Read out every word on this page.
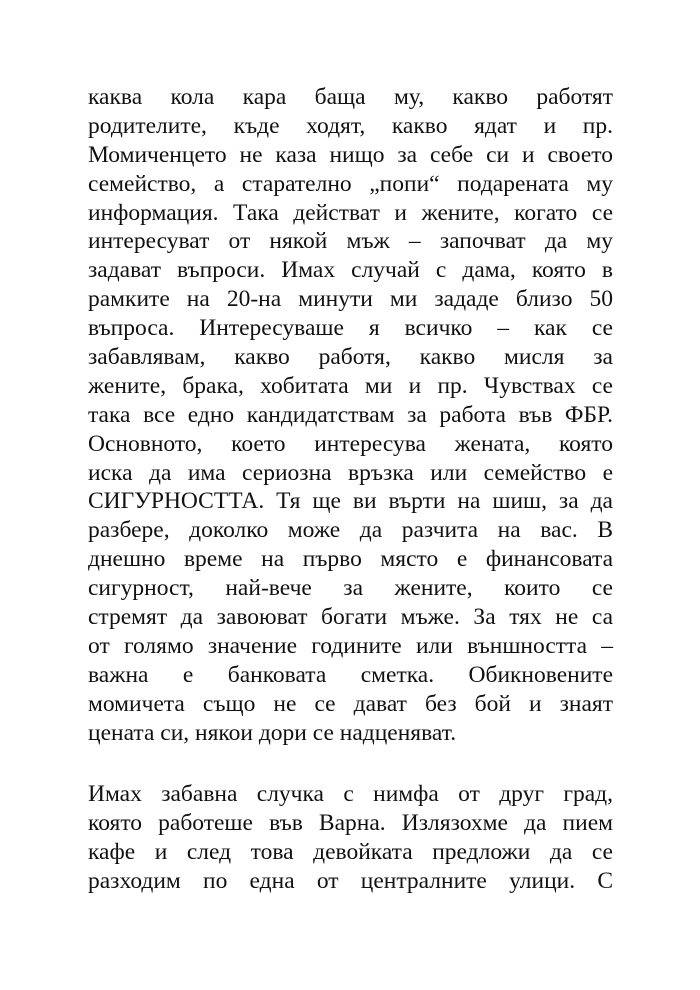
каква кола кара баща му, какво работят
родителите, къде ходят, какво ядат и пр.
Момиченцето не каза нищо за себе си и своето
семейство, а старателно „попи“ подарената му
информация. Така действат и жените, когато се
интересуват от някой мъж – започват да му
задават въпроси. Имах случай с дама, която в
рамките на 20-на минути ми зададе близо 50
въпроса. Интересуваше я всичко – как се
забавлявам, какво работя, какво мисля за
жените, брака, хобитата ми и пр. Чувствах се
така все едно кандидатствам за работа във ФБР.
Основното, което интересува жената, която
иска да има сериозна връзка или семейство е
СИГУРНОСТТА. Тя ще ви върти на шиш, за да
разбере, доколко може да разчита на вас. В
днешно време на първо място е финансовата
сигурност, най-вече за жените, които се
стремят да завоюват богати мъже. За тях не са
от голямо значение годините или външността –
важна е банковата сметка. Обикновените
момичета също не се дават без бой и знаят
цената си, някои дори се надценяват.
Имах забавна случка с нимфа от друг град,
която работеше във Варна. Излязохме да пием
кафе и след това девойката предложи да се
разходим по една от централните улици. С
